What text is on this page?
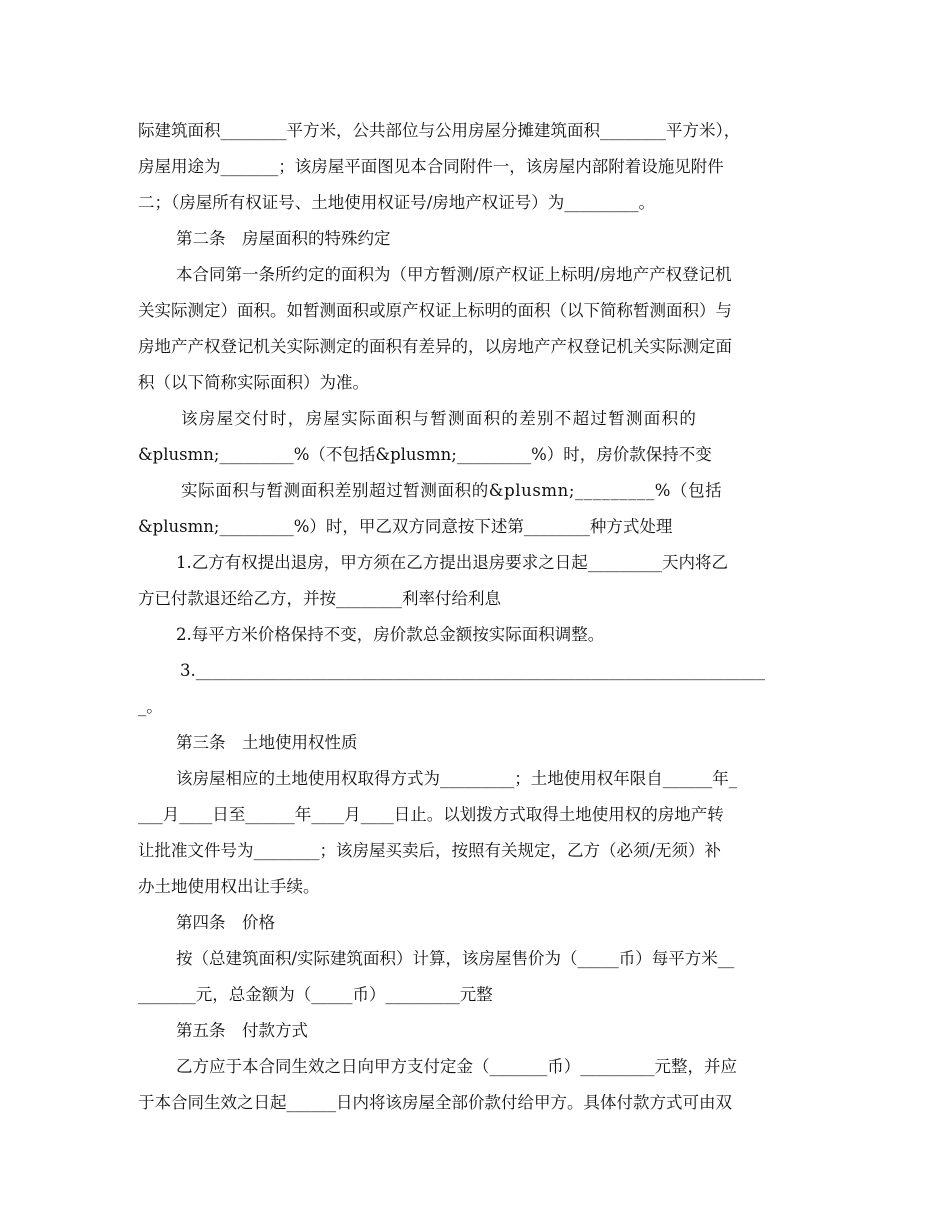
际建筑面积________平方米，公共部位与公用房屋分摊建筑面积________平方米），
房屋用途为_______；该房屋平面图见本合同附件一，该房屋内部附着设施见附件
二；（房屋所有权证号、土地使用权证号/房地产权证号）为_________。
第二条　房屋面积的特殊约定
本合同第一条所约定的面积为（甲方暂测/原产权证上标明/房地产产权登记机
关实际测定）面积。如暂测面积或原产权证上标明的面积（以下简称暂测面积）与
房地产产权登记机关实际测定的面积有差异的，以房地产产权登记机关实际测定面
积（以下简称实际面积）为准。
该房屋交付时，房屋实际面积与暂测面积的差别不超过暂测面积的
&plusmn;_________%（不包括&plusmn;_________%）时，房价款保持不变
实际面积与暂测面积差别超过暂测面积的&plusmn;_________%（包括
&plusmn;_________%）时，甲乙双方同意按下述第________种方式处理
1.乙方有权提出退房，甲方须在乙方提出退房要求之日起_________天内将乙
方已付款退还给乙方，并按________利率付给利息
2.每平方米价格保持不变，房价款总金额按实际面积调整。
3._____________________________________________________________________
_。
第三条　土地使用权性质
该房屋相应的土地使用权取得方式为_________；土地使用权年限自______年_
___月____日至______年____月____日止。以划拨方式取得土地使用权的房地产转
让批准文件号为________；该房屋买卖后，按照有关规定，乙方（必须/无须）补
办土地使用权出让手续。
第四条　价格
按（总建筑面积/实际建筑面积）计算，该房屋售价为（_____币）每平方米__
_______元，总金额为（_____币）_________元整
第五条　付款方式
乙方应于本合同生效之日向甲方支付定金（_______币）_________元整，并应
于本合同生效之日起______日内将该房屋全部价款付给甲方。具体付款方式可由双
